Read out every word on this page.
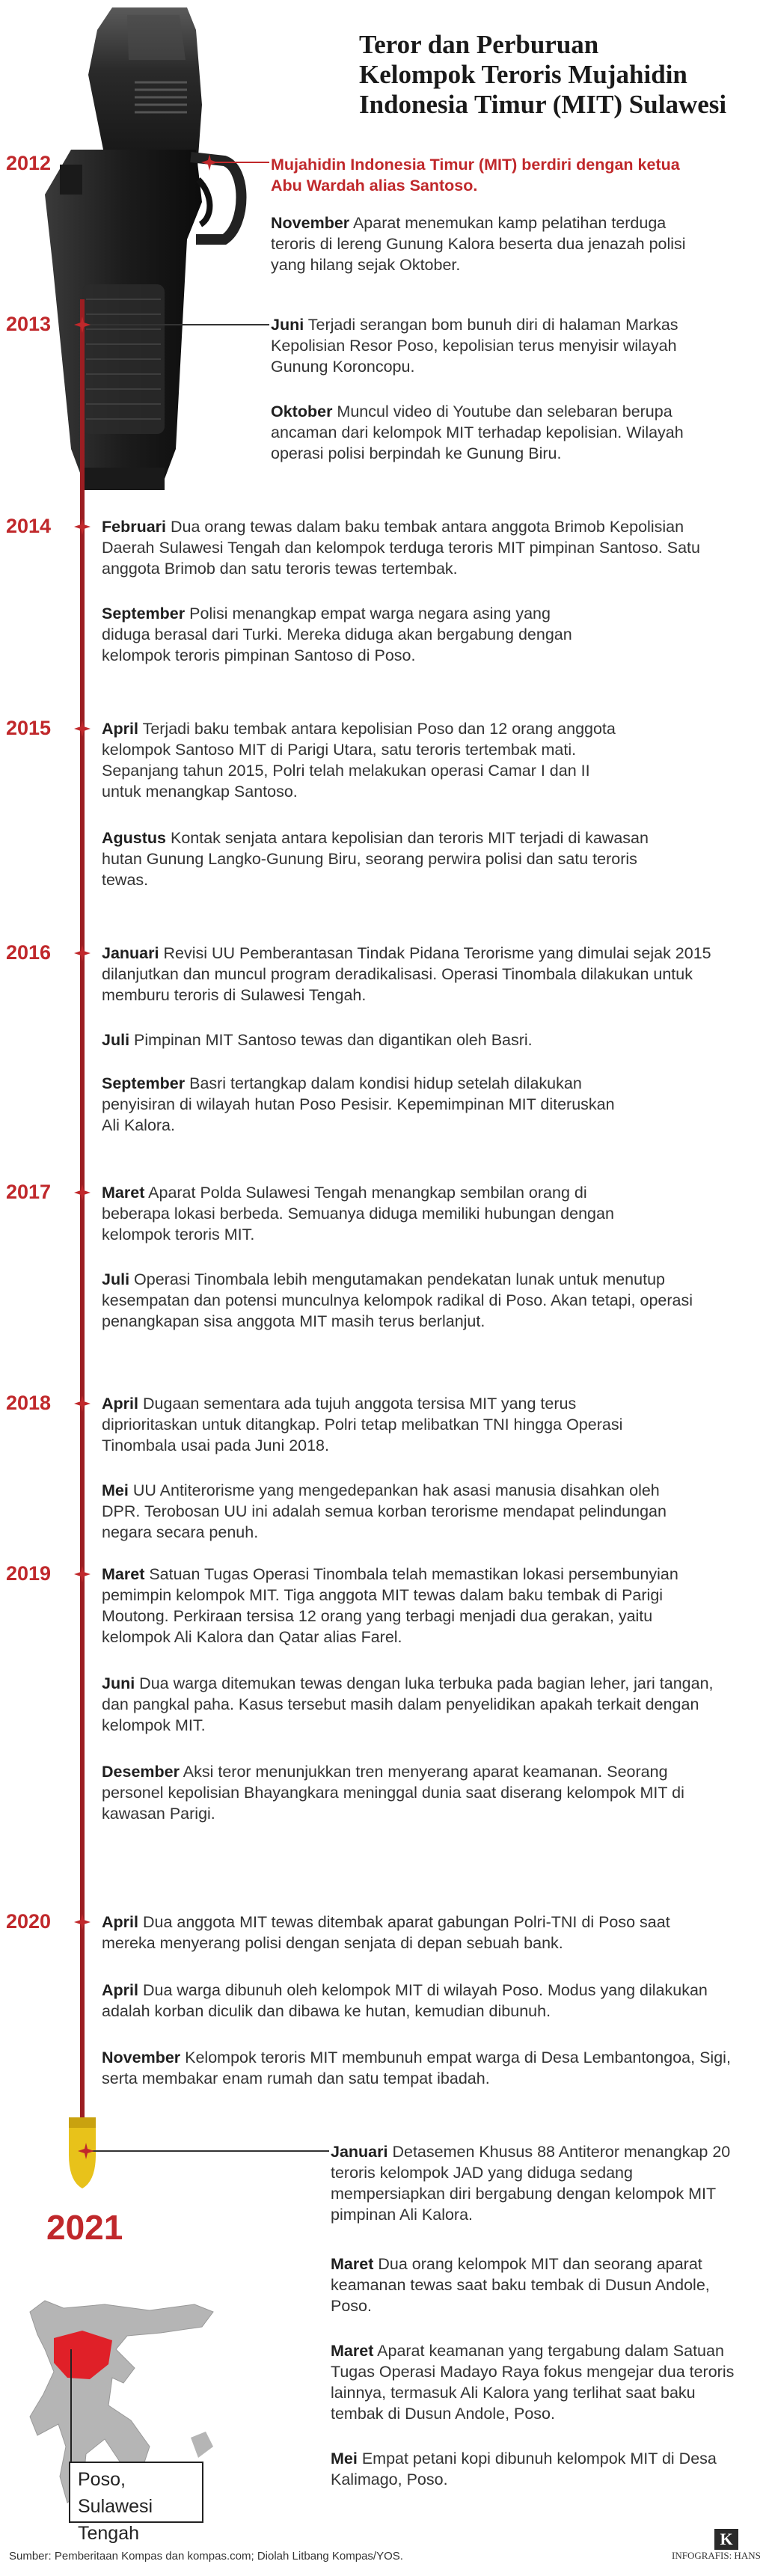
Teror dan Perburuan
Kelompok Teroris Mujahidin
Indonesia Timur (MIT) Sulawesi
2012
2013
2014
2015
2016
2017
2018
2019
2020
2021
Mujahidin Indonesia Timur (MIT) berdiri dengan ketua Abu Wardah alias Santoso.
November Aparat menemukan kamp pelatihan terduga teroris di lereng Gunung Kalora beserta dua jenazah polisi yang hilang sejak Oktober.
Juni Terjadi serangan bom bunuh diri di halaman Markas Kepolisian Resor Poso, kepolisian terus menyisir wilayah Gunung Koroncopu.
Oktober Muncul video di Youtube dan selebaran berupa ancaman dari kelompok MIT terhadap kepolisian. Wilayah operasi polisi berpindah ke Gunung Biru.
Februari Dua orang tewas dalam baku tembak antara anggota Brimob Kepolisian Daerah Sulawesi Tengah dan kelompok terduga teroris MIT pimpinan Santoso. Satu anggota Brimob dan satu teroris tewas tertembak.
September Polisi menangkap empat warga negara asing yang diduga berasal dari Turki. Mereka diduga akan bergabung dengan kelompok teroris pimpinan Santoso di Poso.
April Terjadi baku tembak antara kepolisian Poso dan 12 orang anggota kelompok Santoso MIT di Parigi Utara, satu teroris tertembak mati. Sepanjang tahun 2015, Polri telah melakukan operasi Camar I dan II untuk menangkap Santoso.
Agustus Kontak senjata antara kepolisian dan teroris MIT terjadi di kawasan hutan Gunung Langko-Gunung Biru, seorang perwira polisi dan satu teroris tewas.
Januari Revisi UU Pemberantasan Tindak Pidana Terorisme yang dimulai sejak 2015 dilanjutkan dan muncul program deradikalisasi. Operasi Tinombala dilakukan untuk memburu teroris di Sulawesi Tengah.
Juli Pimpinan MIT Santoso tewas dan digantikan oleh Basri.
September Basri tertangkap dalam kondisi hidup setelah dilakukan penyisiran di wilayah hutan Poso Pesisir. Kepemimpinan MIT diteruskan Ali Kalora.
Maret Aparat Polda Sulawesi Tengah menangkap sembilan orang di beberapa lokasi berbeda. Semuanya diduga memiliki hubungan dengan kelompok teroris MIT.
Juli Operasi Tinombala lebih mengutamakan pendekatan lunak untuk menutup kesempatan dan potensi munculnya kelompok radikal di Poso. Akan tetapi, operasi penangkapan sisa anggota MIT masih terus berlanjut.
April Dugaan sementara ada tujuh anggota tersisa MIT yang terus diprioritaskan untuk ditangkap. Polri tetap melibatkan TNI hingga Operasi Tinombala usai pada Juni 2018.
Mei UU Antiterorisme yang mengedepankan hak asasi manusia disahkan oleh DPR. Terobosan UU ini adalah semua korban terorisme mendapat pelindungan negara secara penuh.
Maret Satuan Tugas Operasi Tinombala telah memastikan lokasi persembunyian pemimpin kelompok MIT. Tiga anggota MIT tewas dalam baku tembak di Parigi Moutong. Perkiraan tersisa 12 orang yang terbagi menjadi dua gerakan, yaitu kelompok Ali Kalora dan Qatar alias Farel.
Juni Dua warga ditemukan tewas dengan luka terbuka pada bagian leher, jari tangan, dan pangkal paha. Kasus tersebut masih dalam penyelidikan apakah terkait dengan kelompok MIT.
Desember Aksi teror menunjukkan tren menyerang aparat keamanan. Seorang personel kepolisian Bhayangkara meninggal dunia saat diserang kelompok MIT di kawasan Parigi.
April Dua anggota MIT tewas ditembak aparat gabungan Polri-TNI di Poso saat mereka menyerang polisi dengan senjata di depan sebuah bank.
April Dua warga dibunuh oleh kelompok MIT di wilayah Poso. Modus yang dilakukan adalah korban diculik dan dibawa ke hutan, kemudian dibunuh.
November Kelompok teroris MIT membunuh empat warga di Desa Lembantongoa, Sigi, serta membakar enam rumah dan satu tempat ibadah.
Januari Detasemen Khusus 88 Antiteror menangkap 20 teroris kelompok JAD yang diduga sedang mempersiapkan diri bergabung dengan kelompok MIT pimpinan Ali Kalora.
Maret Dua orang kelompok MIT dan seorang aparat keamanan tewas saat baku tembak di Dusun Andole, Poso.
Maret Aparat keamanan yang tergabung dalam Satuan Tugas Operasi Madayo Raya fokus mengejar dua teroris lainnya, termasuk Ali Kalora yang terlihat saat baku tembak di Dusun Andole, Poso.
Mei Empat petani kopi dibunuh kelompok MIT di Desa Kalimago, Poso.
Poso,
Sulawesi Tengah
Sumber: Pemberitaan Kompas dan kompas.com; Diolah Litbang Kompas/YOS.
K
INFOGRAFIS: HANS
